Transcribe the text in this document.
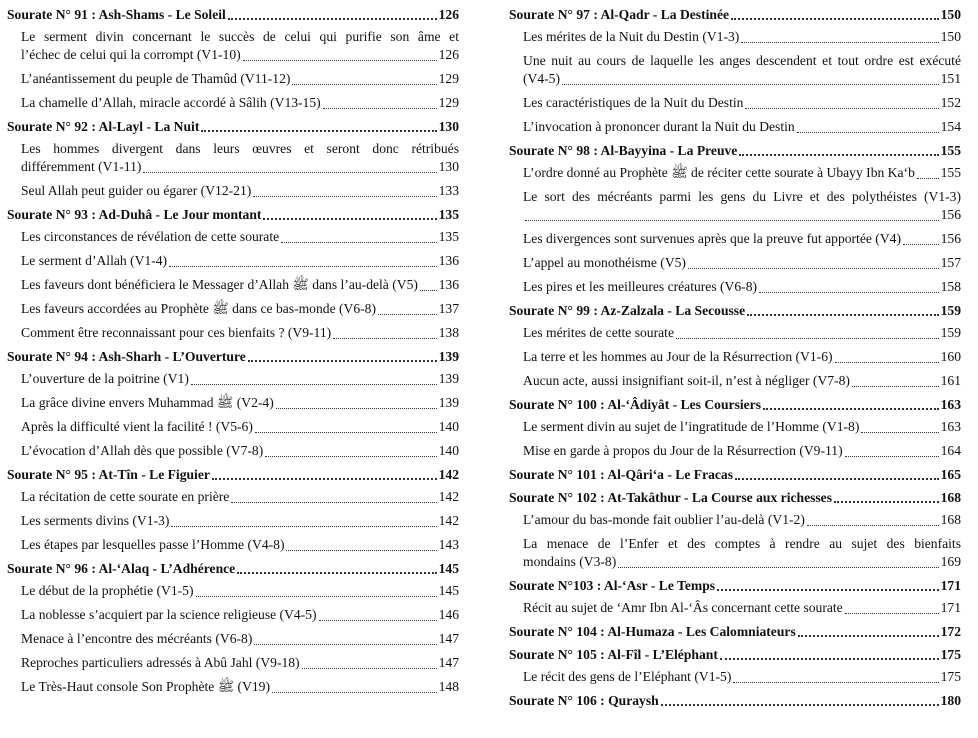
Sourate N° 91 : Ash-Shams - Le Soleil	126
Le serment divin concernant le succès de celui qui purifie son âme et
l’échec de celui qui la corrompt (V1-10)	126
L’anéantissement du peuple de Thamûd (V11-12)	129
La chamelle d’Allah, miracle accordé à Sâlih (V13-15)	129
Sourate N° 92 : Al-Layl - La Nuit	130
Les hommes divergent dans leurs œuvres et seront donc rétribués
différemment (V1-11)	130
Seul Allah peut guider ou égarer (V12-21)	133
Sourate N° 93 : Ad-Duhâ - Le Jour montant	135
Les circonstances de révélation de cette sourate	135
Le serment d’Allah (V1-4)	136
Les faveurs dont bénéficiera le Messager d’Allah ﷺ dans l’au-delà (V5) 136
Les faveurs accordées au Prophète ﷺ dans ce bas-monde (V6-8)	137
Comment être reconnaissant pour ces bienfaits ? (V9-11)	138
Sourate N° 94 : Ash-Sharh - L’Ouverture	139
L’ouverture de la poitrine (V1)	139
La grâce divine envers Muhammad ﷺ (V2-4)	139
Après la difficulté vient la facilité ! (V5-6)	140
L’évocation d’Allah dès que possible (V7-8)	140
Sourate N° 95 : At-Tîn - Le Figuier	142
La récitation de cette sourate en prière	142
Les serments divins (V1-3)	142
Les étapes par lesquelles passe l’Homme (V4-8)	143
Sourate N° 96 : Al-‘Alaq - L’Adhérence	145
Le début de la prophétie (V1-5)	145
La noblesse s’acquiert par la science religieuse (V4-5)	146
Menace à l’encontre des mécréants (V6-8)	147
Reproches particuliers adressés à Abû Jahl (V9-18)	147
Le Très-Haut console Son Prophète ﷺ (V19)	148
Sourate N° 97 : Al-Qadr - La Destinée	150
Les mérites de la Nuit du Destin (V1-3)	150
Une nuit au cours de laquelle les anges descendent et tout ordre est exécuté
(V4-5)	151
Les caractéristiques de la Nuit du Destin	152
L’invocation à prononcer durant la Nuit du Destin	154
Sourate N° 98 : Al-Bayyina - La Preuve	155
L’ordre donné au Prophète ﷺ de réciter cette sourate à Ubayy Ibn Ka‘b 155
Le sort des mécréants parmi les gens du Livre et des polythéistes (V1-3)
156
Les divergences sont survenues après que la preuve fut apportée (V4)	156
L’appel au monothéisme (V5)	157
Les pires et les meilleures créatures (V6-8)	158
Sourate N° 99 : Az-Zalzala - La Secousse	159
Les mérites de cette sourate	159
La terre et les hommes au Jour de la Résurrection (V1-6)	160
Aucun acte, aussi insignifiant soit-il, n’est à négliger (V7-8)	161
Sourate N° 100 : Al-‘Âdiyât - Les Coursiers	163
Le serment divin au sujet de l’ingratitude de l’Homme (V1-8)	163
Mise en garde à propos du Jour de la Résurrection (V9-11)	164
Sourate N° 101 : Al-Qâri‘a - Le Fracas	165
Sourate N° 102 : At-Takâthur - La Course aux richesses	168
L’amour du bas-monde fait oublier l’au-delà (V1-2)	168
La menace de l’Enfer et des comptes à rendre au sujet des bienfaits
mondains (V3-8)	169
Sourate N°103 : Al-‘Asr - Le Temps	171
Récit au sujet de ‘Amr Ibn Al-‘Âs concernant cette sourate	171
Sourate N° 104 : Al-Humaza - Les Calomniateurs	172
Sourate N° 105 : Al-Fîl - L’Eléphant	175
Le récit des gens de l’Eléphant (V1-5)	175
Sourate N° 106 : Quraysh	180
